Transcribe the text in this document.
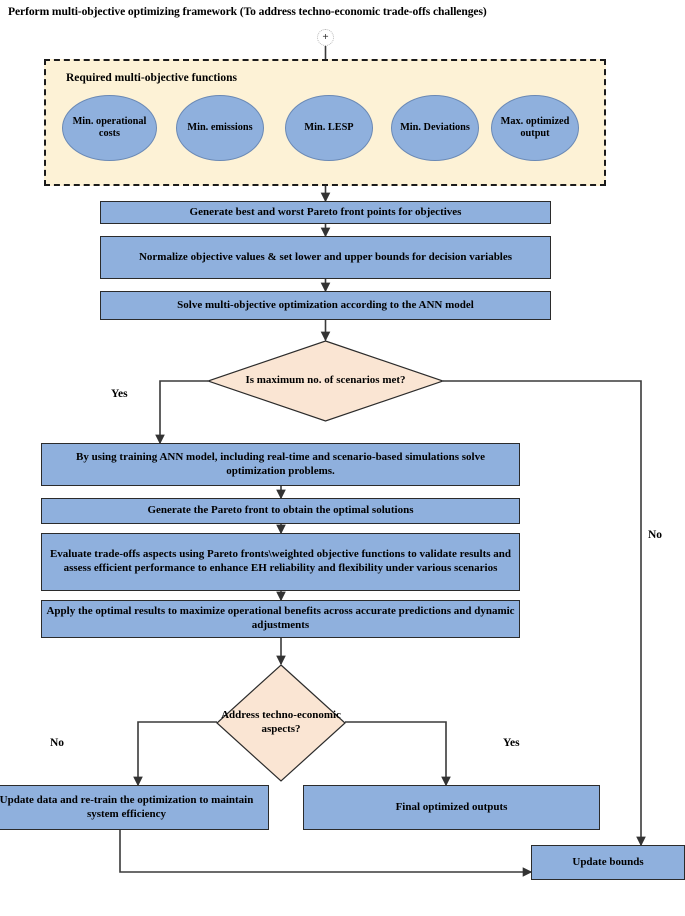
Perform multi-objective optimizing framework (To address techno-economic trade-offs challenges)
+
Required multi-objective functions
Min. operational costs
Min. emissions	Min. LESP	Min. Deviations
Max. optimized output
Generate best and worst Pareto front points for objectives
Normalize objective values & set lower and upper bounds for decision variables
Solve multi-objective optimization according to the ANN model
Is maximum no. of scenarios met?
Yes
No
By using training ANN model, including real-time and scenario-based simulations solve optimization problems.
Generate the Pareto front to obtain the optimal solutions
Evaluate trade-offs aspects using Pareto fronts\weighted objective functions to validate results and assess efficient performance to enhance EH reliability and flexibility under various scenarios
Apply the optimal results to maximize operational benefits across accurate predictions and dynamic adjustments
Address techno-economic aspects?
No	Yes
Update data and re-train the optimization to maintain system efficiency
Final optimized outputs
Update bounds
